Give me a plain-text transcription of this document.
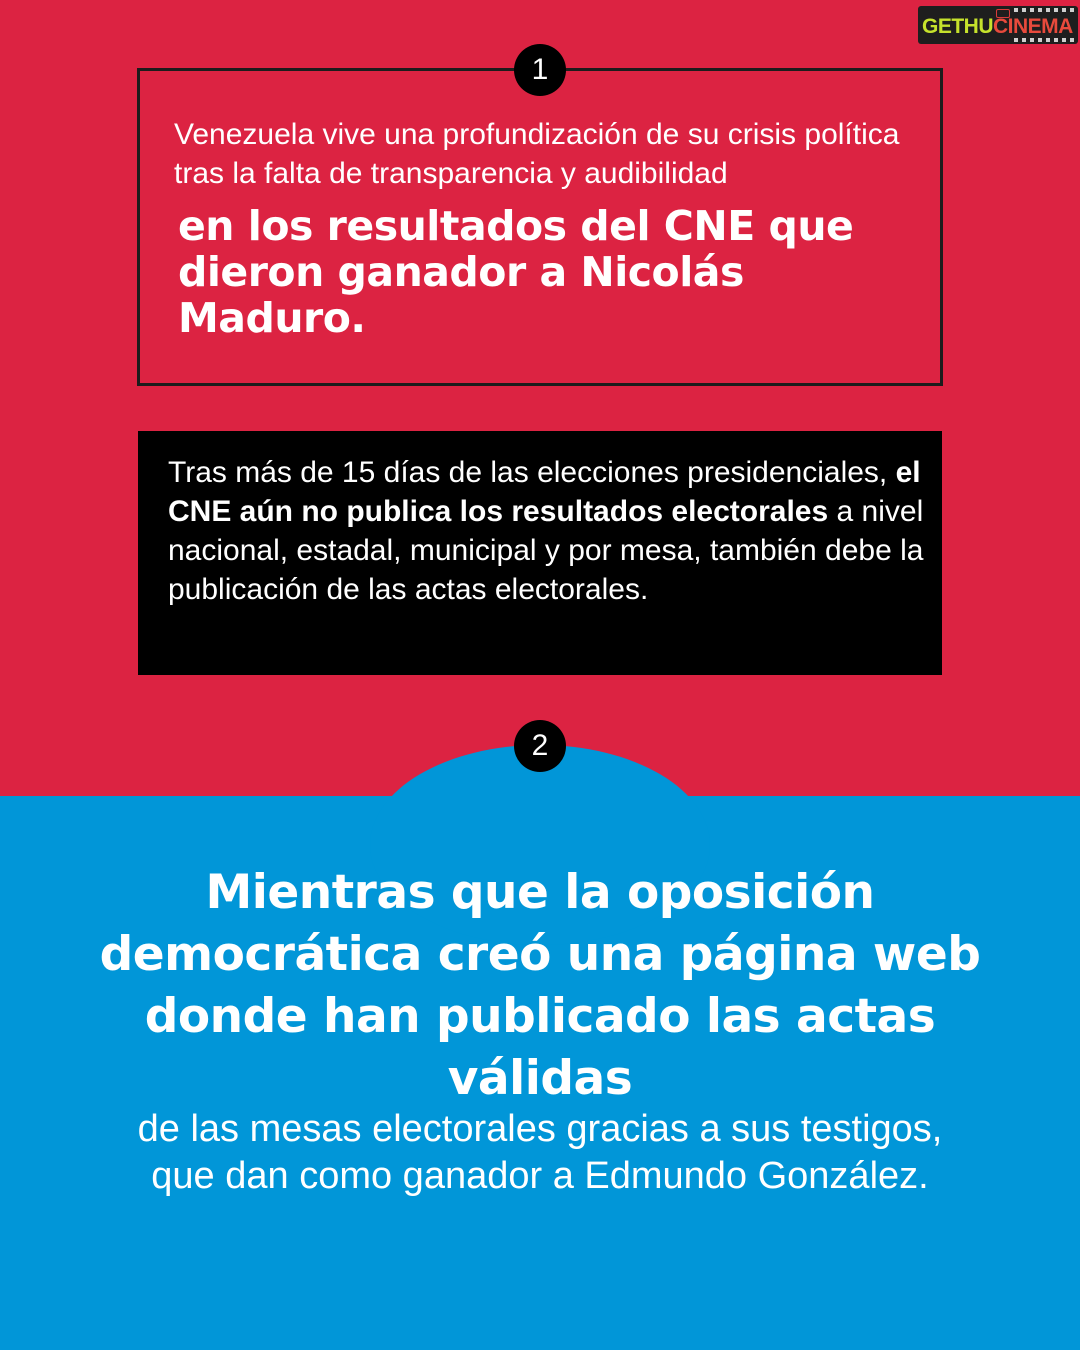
GETHUCINEMA
1

Venezuela vive una profundización de su crisis política tras la falta de transparencia y audibilidad

en los resultados del CNE que dieron ganador a Nicolás Maduro.

Tras más de 15 días de las elecciones presidenciales, el CNE aún no publica los resultados electorales a nivel nacional, estadal, municipal y por mesa, también debe la publicación de las actas electorales.

2

Mientras que la oposición democrática creó una página web donde han publicado las actas válidas

de las mesas electorales gracias a sus testigos, que dan como ganador a Edmundo González.
